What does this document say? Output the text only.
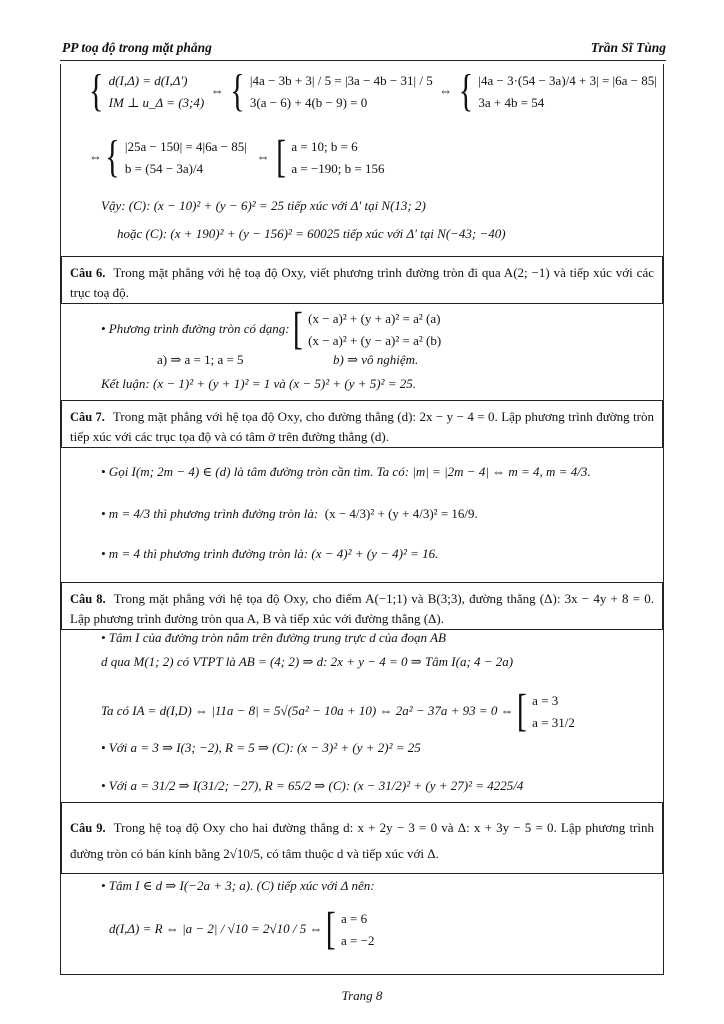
PP toạ độ trong mặt phẳng	Trần Sĩ Tùng
{ d(I,Δ) = d(I,Δ')
IM ⊥ u_Δ = (3;4)
⇔  { |4a − 3b + 3| / 5 = |3a − 4b − 31| / 5
3(a − 6) + 4(b − 9) = 0
⇔  { |4a − 3·(54 − 3a)/4 + 3| = |6a − 85|
3a + 4b = 54
⇔ { |25a − 150| = 4|6a − 85|
b = (54 − 3a)/4
⇔  [ a = 10; b = 6
a = −190; b = 156
Vậy: (C): (x − 10)² + (y − 6)² = 25 tiếp xúc với Δ' tại N(13; 2)
hoặc (C): (x + 190)² + (y − 156)² = 60025 tiếp xúc với Δ' tại N(−43; −40)
Câu 6. Trong mặt phẳng với hệ toạ độ Oxy, viết phương trình đường tròn đi qua A(2; −1) và tiếp xúc với các trục toạ độ.
• Phương trình đường tròn có dạng: [ (x − a)² + (y + a)² = a² (a)
(x − a)² + (y − a)² = a² (b)
a) ⇒ a = 1; a = 5	b) ⇒ vô nghiệm.
Kết luận: (x − 1)² + (y + 1)² = 1 và (x − 5)² + (y + 5)² = 25.
Câu 7. Trong mặt phẳng với hệ tọa độ Oxy, cho đường thẳng (d): 2x − y − 4 = 0. Lập phương trình đường tròn tiếp xúc với các trục tọa độ và có tâm ở trên đường thẳng (d).
• Gọi I(m; 2m − 4) ∈ (d) là tâm đường tròn cần tìm. Ta có: |m| = |2m − 4| ⇔ m = 4, m = 4/3.
• m = 4/3 thì phương trình đường tròn là: (x − 4/3)² + (y + 4/3)² = 16/9.
• m = 4 thì phương trình đường tròn là: (x − 4)² + (y − 4)² = 16.
Câu 8. Trong mặt phẳng với hệ tọa độ Oxy, cho điểm A(−1;1) và B(3;3), đường thẳng (Δ): 3x − 4y + 8 = 0. Lập phương trình đường tròn qua A, B và tiếp xúc với đường thẳng (Δ).
• Tâm I của đường tròn nằm trên đường trung trực d của đoạn AB
d qua M(1; 2) có VTPT là AB = (4; 2) ⇒ d: 2x + y − 4 = 0 ⇒ Tâm I(a; 4 − 2a)
Ta có IA = d(I,D) ⇔ |11a − 8| = 5√(5a² − 10a + 10) ⇔ 2a² − 37a + 93 = 0 ⇔ [ a = 3
a = 31/2
• Với a = 3 ⇒ I(3; −2), R = 5 ⇒ (C): (x − 3)² + (y + 2)² = 25
• Với a = 31/2 ⇒ I(31/2; −27), R = 65/2 ⇒ (C): (x − 31/2)² + (y + 27)² = 4225/4
Câu 9. Trong hệ toạ độ Oxy cho hai đường thẳng d: x + 2y − 3 = 0 và Δ: x + 3y − 5 = 0. Lập phương trình đường tròn có bán kính bằng 2√10/5, có tâm thuộc d và tiếp xúc với Δ.
• Tâm I ∈ d ⇒ I(−2a + 3; a). (C) tiếp xúc với Δ nên:
d(I,Δ) = R ⇔ |a − 2| / √10 = 2√10 / 5 ⇔ [ a = 6
a = −2
Trang 8
